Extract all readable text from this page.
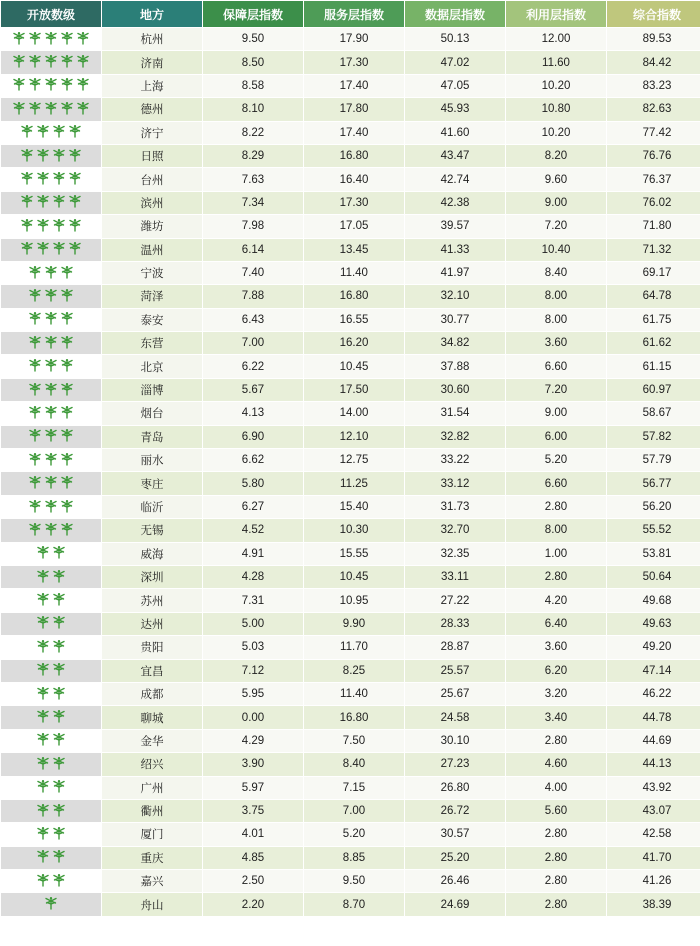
开放数级	地方	保障层指数	服务层指数	数据层指数	利用层指数	综合指数

	杭州	9.50	17.90	50.13	12.00	89.53

	济南	8.50	17.30	47.02	11.60	84.42

	上海	8.58	17.40	47.05	10.20	83.23

	德州	8.10	17.80	45.93	10.80	82.63

	济宁	8.22	17.40	41.60	10.20	77.42

	日照	8.29	16.80	43.47	8.20	76.76

	台州	7.63	16.40	42.74	9.60	76.37

	滨州	7.34	17.30	42.38	9.00	76.02

	潍坊	7.98	17.05	39.57	7.20	71.80

	温州	6.14	13.45	41.33	10.40	71.32

	宁波	7.40	11.40	41.97	8.40	69.17

	菏泽	7.88	16.80	32.10	8.00	64.78

	泰安	6.43	16.55	30.77	8.00	61.75

	东营	7.00	16.20	34.82	3.60	61.62

	北京	6.22	10.45	37.88	6.60	61.15

	淄博	5.67	17.50	30.60	7.20	60.97

	烟台	4.13	14.00	31.54	9.00	58.67

	青岛	6.90	12.10	32.82	6.00	57.82

	丽水	6.62	12.75	33.22	5.20	57.79

	枣庄	5.80	11.25	33.12	6.60	56.77

	临沂	6.27	15.40	31.73	2.80	56.20

	无锡	4.52	10.30	32.70	8.00	55.52

	威海	4.91	15.55	32.35	1.00	53.81

	深圳	4.28	10.45	33.11	2.80	50.64

	苏州	7.31	10.95	27.22	4.20	49.68

	达州	5.00	9.90	28.33	6.40	49.63

	贵阳	5.03	11.70	28.87	3.60	49.20

	宜昌	7.12	8.25	25.57	6.20	47.14

	成都	5.95	11.40	25.67	3.20	46.22

	聊城	0.00	16.80	24.58	3.40	44.78

	金华	4.29	7.50	30.10	2.80	44.69

	绍兴	3.90	8.40	27.23	4.60	44.13

	广州	5.97	7.15	26.80	4.00	43.92

	衢州	3.75	7.00	26.72	5.60	43.07

	厦门	4.01	5.20	30.57	2.80	42.58

	重庆	4.85	8.85	25.20	2.80	41.70

	嘉兴	2.50	9.50	26.46	2.80	41.26

	舟山	2.20	8.70	24.69	2.80	38.39
